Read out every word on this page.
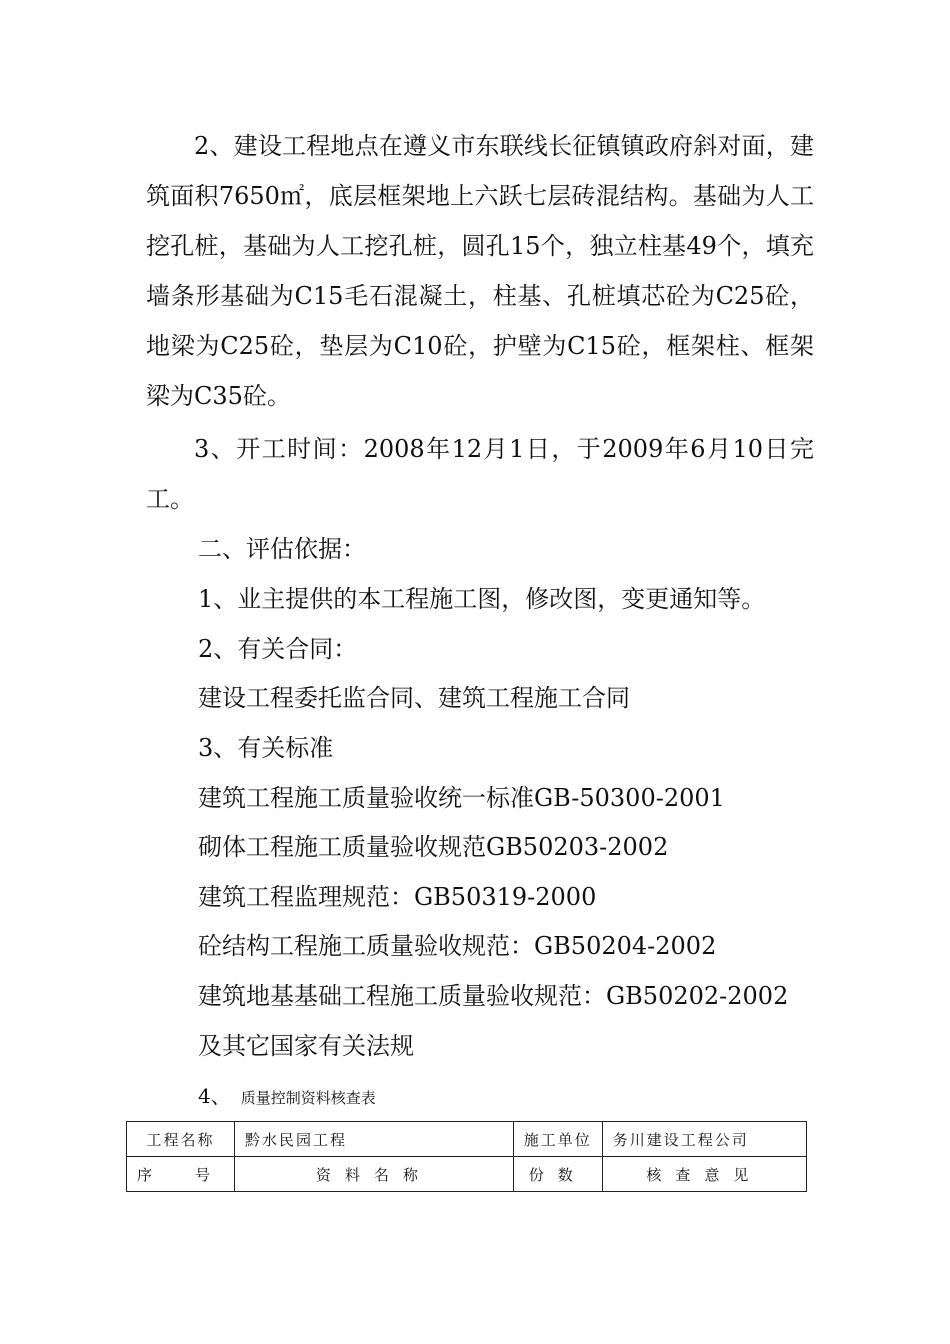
2、建设工程地点在遵义市东联线长征镇镇政府斜对面，建筑面积7650㎡，底层框架地上六跃七层砖混结构。基础为人工挖孔桩，基础为人工挖孔桩，圆孔15个，独立柱基49个，填充墙条形基础为C15毛石混凝土，柱基、孔桩填芯砼为C25砼，地梁为C25砼，垫层为C10砼，护壁为C15砼，框架柱、框架梁为C35砼。

3、开工时间：2008年12月1日，于2009年6月10日完工。

二、评估依据：

1、业主提供的本工程施工图，修改图，变更通知等。

2、有关合同：

建设工程委托监合同、建筑工程施工合同

3、有关标准

建筑工程施工质量验收统一标准GB-50300-2001

砌体工程施工质量验收规范GB50203-2002

建筑工程监理规范：GB50319-2000

砼结构工程施工质量验收规范：GB50204-2002

建筑地基基础工程施工质量验收规范：GB50202-2002

及其它国家有关法规

4、 质量控制资料核查表
工程名称	黔水民园工程	施工单位	务川建设工程公司
序　号	资料名称	份数	核查意见
